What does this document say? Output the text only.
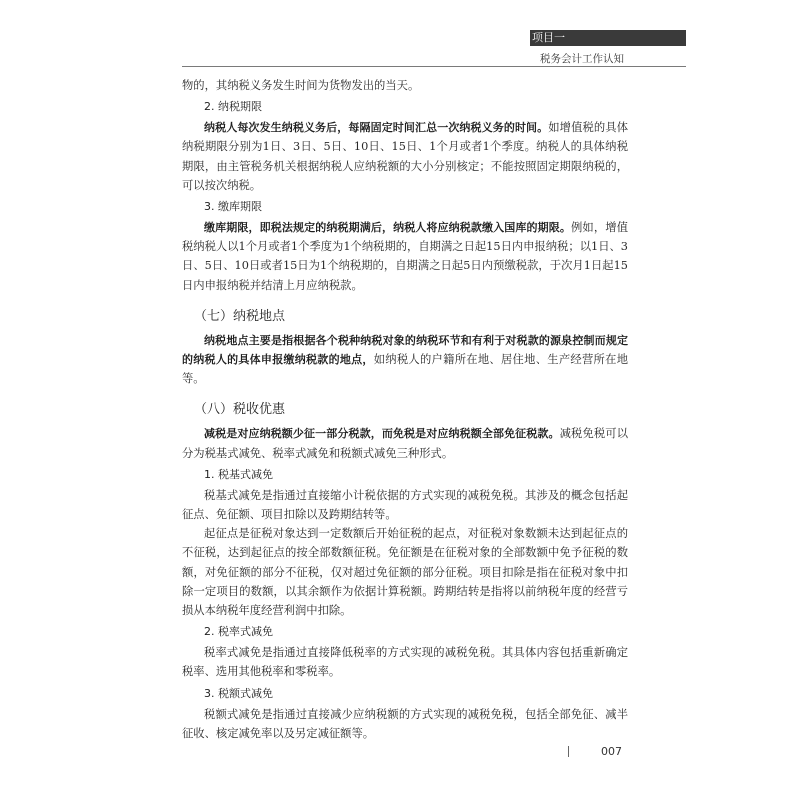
项目一
税务会计工作认知

物的，其纳税义务发生时间为货物发出的当天。

2. 纳税期限

纳税人每次发生纳税义务后，每隔固定时间汇总一次纳税义务的时间。如增值税的具体纳税期限分别为1日、3日、5日、10日、15日、1个月或者1个季度。纳税人的具体纳税期限，由主管税务机关根据纳税人应纳税额的大小分别核定；不能按照固定期限纳税的，可以按次纳税。

3. 缴库期限

缴库期限，即税法规定的纳税期满后，纳税人将应纳税款缴入国库的期限。例如，增值税纳税人以1个月或者1个季度为1个纳税期的，自期满之日起15日内申报纳税；以1日、3日、5日、10日或者15日为1个纳税期的，自期满之日起5日内预缴税款，于次月1日起15日内申报纳税并结清上月应纳税款。

（七）纳税地点

纳税地点主要是指根据各个税种纳税对象的纳税环节和有利于对税款的源泉控制而规定的纳税人的具体申报缴纳税款的地点，如纳税人的户籍所在地、居住地、生产经营所在地等。

（八）税收优惠

减税是对应纳税额少征一部分税款，而免税是对应纳税额全部免征税款。减税免税可以分为税基式减免、税率式减免和税额式减免三种形式。

1. 税基式减免

税基式减免是指通过直接缩小计税依据的方式实现的减税免税。其涉及的概念包括起征点、免征额、项目扣除以及跨期结转等。

起征点是征税对象达到一定数额后开始征税的起点，对征税对象数额未达到起征点的不征税，达到起征点的按全部数额征税。免征额是在征税对象的全部数额中免予征税的数额，对免征额的部分不征税，仅对超过免征额的部分征税。项目扣除是指在征税对象中扣除一定项目的数额，以其余额作为依据计算税额。跨期结转是指将以前纳税年度的经营亏损从本纳税年度经营利润中扣除。

2. 税率式减免

税率式减免是指通过直接降低税率的方式实现的减税免税。其具体内容包括重新确定税率、选用其他税率和零税率。

3. 税额式减免

税额式减免是指通过直接减少应纳税额的方式实现的减税免税，包括全部免征、减半征收、核定减免率以及另定减征额等。

007
